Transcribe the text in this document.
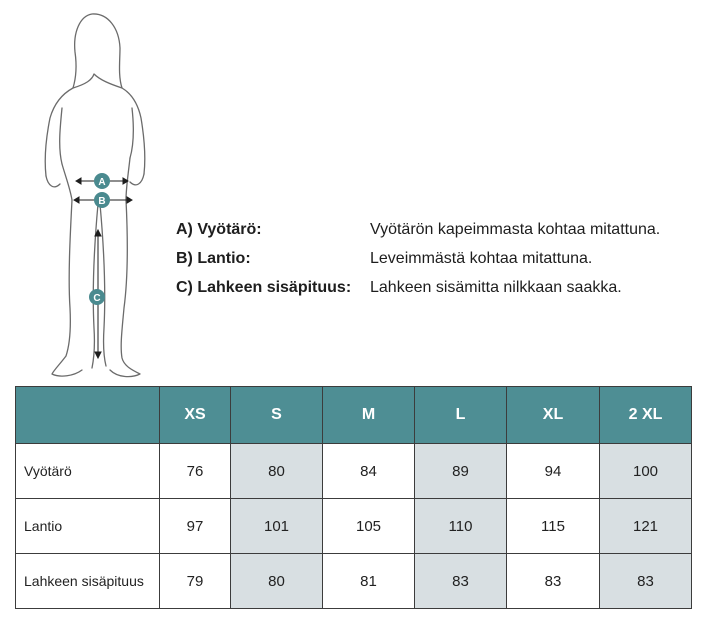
A
B
C
A) Vyötärö:	Vyötärön kapeimmasta kohtaa mitattuna.
B) Lantio:	Leveimmästä kohtaa mitattuna.
C) Lahkeen sisäpituus: Lahkeen sisämitta nilkkaan saakka.
	XS	S	M	L	XL	2 XL
Vyötärö	76	80	84	89	94	100
Lantio	97	101	105	110	115	121
Lahkeen sisäpituus	79	80	81	83	83	83
